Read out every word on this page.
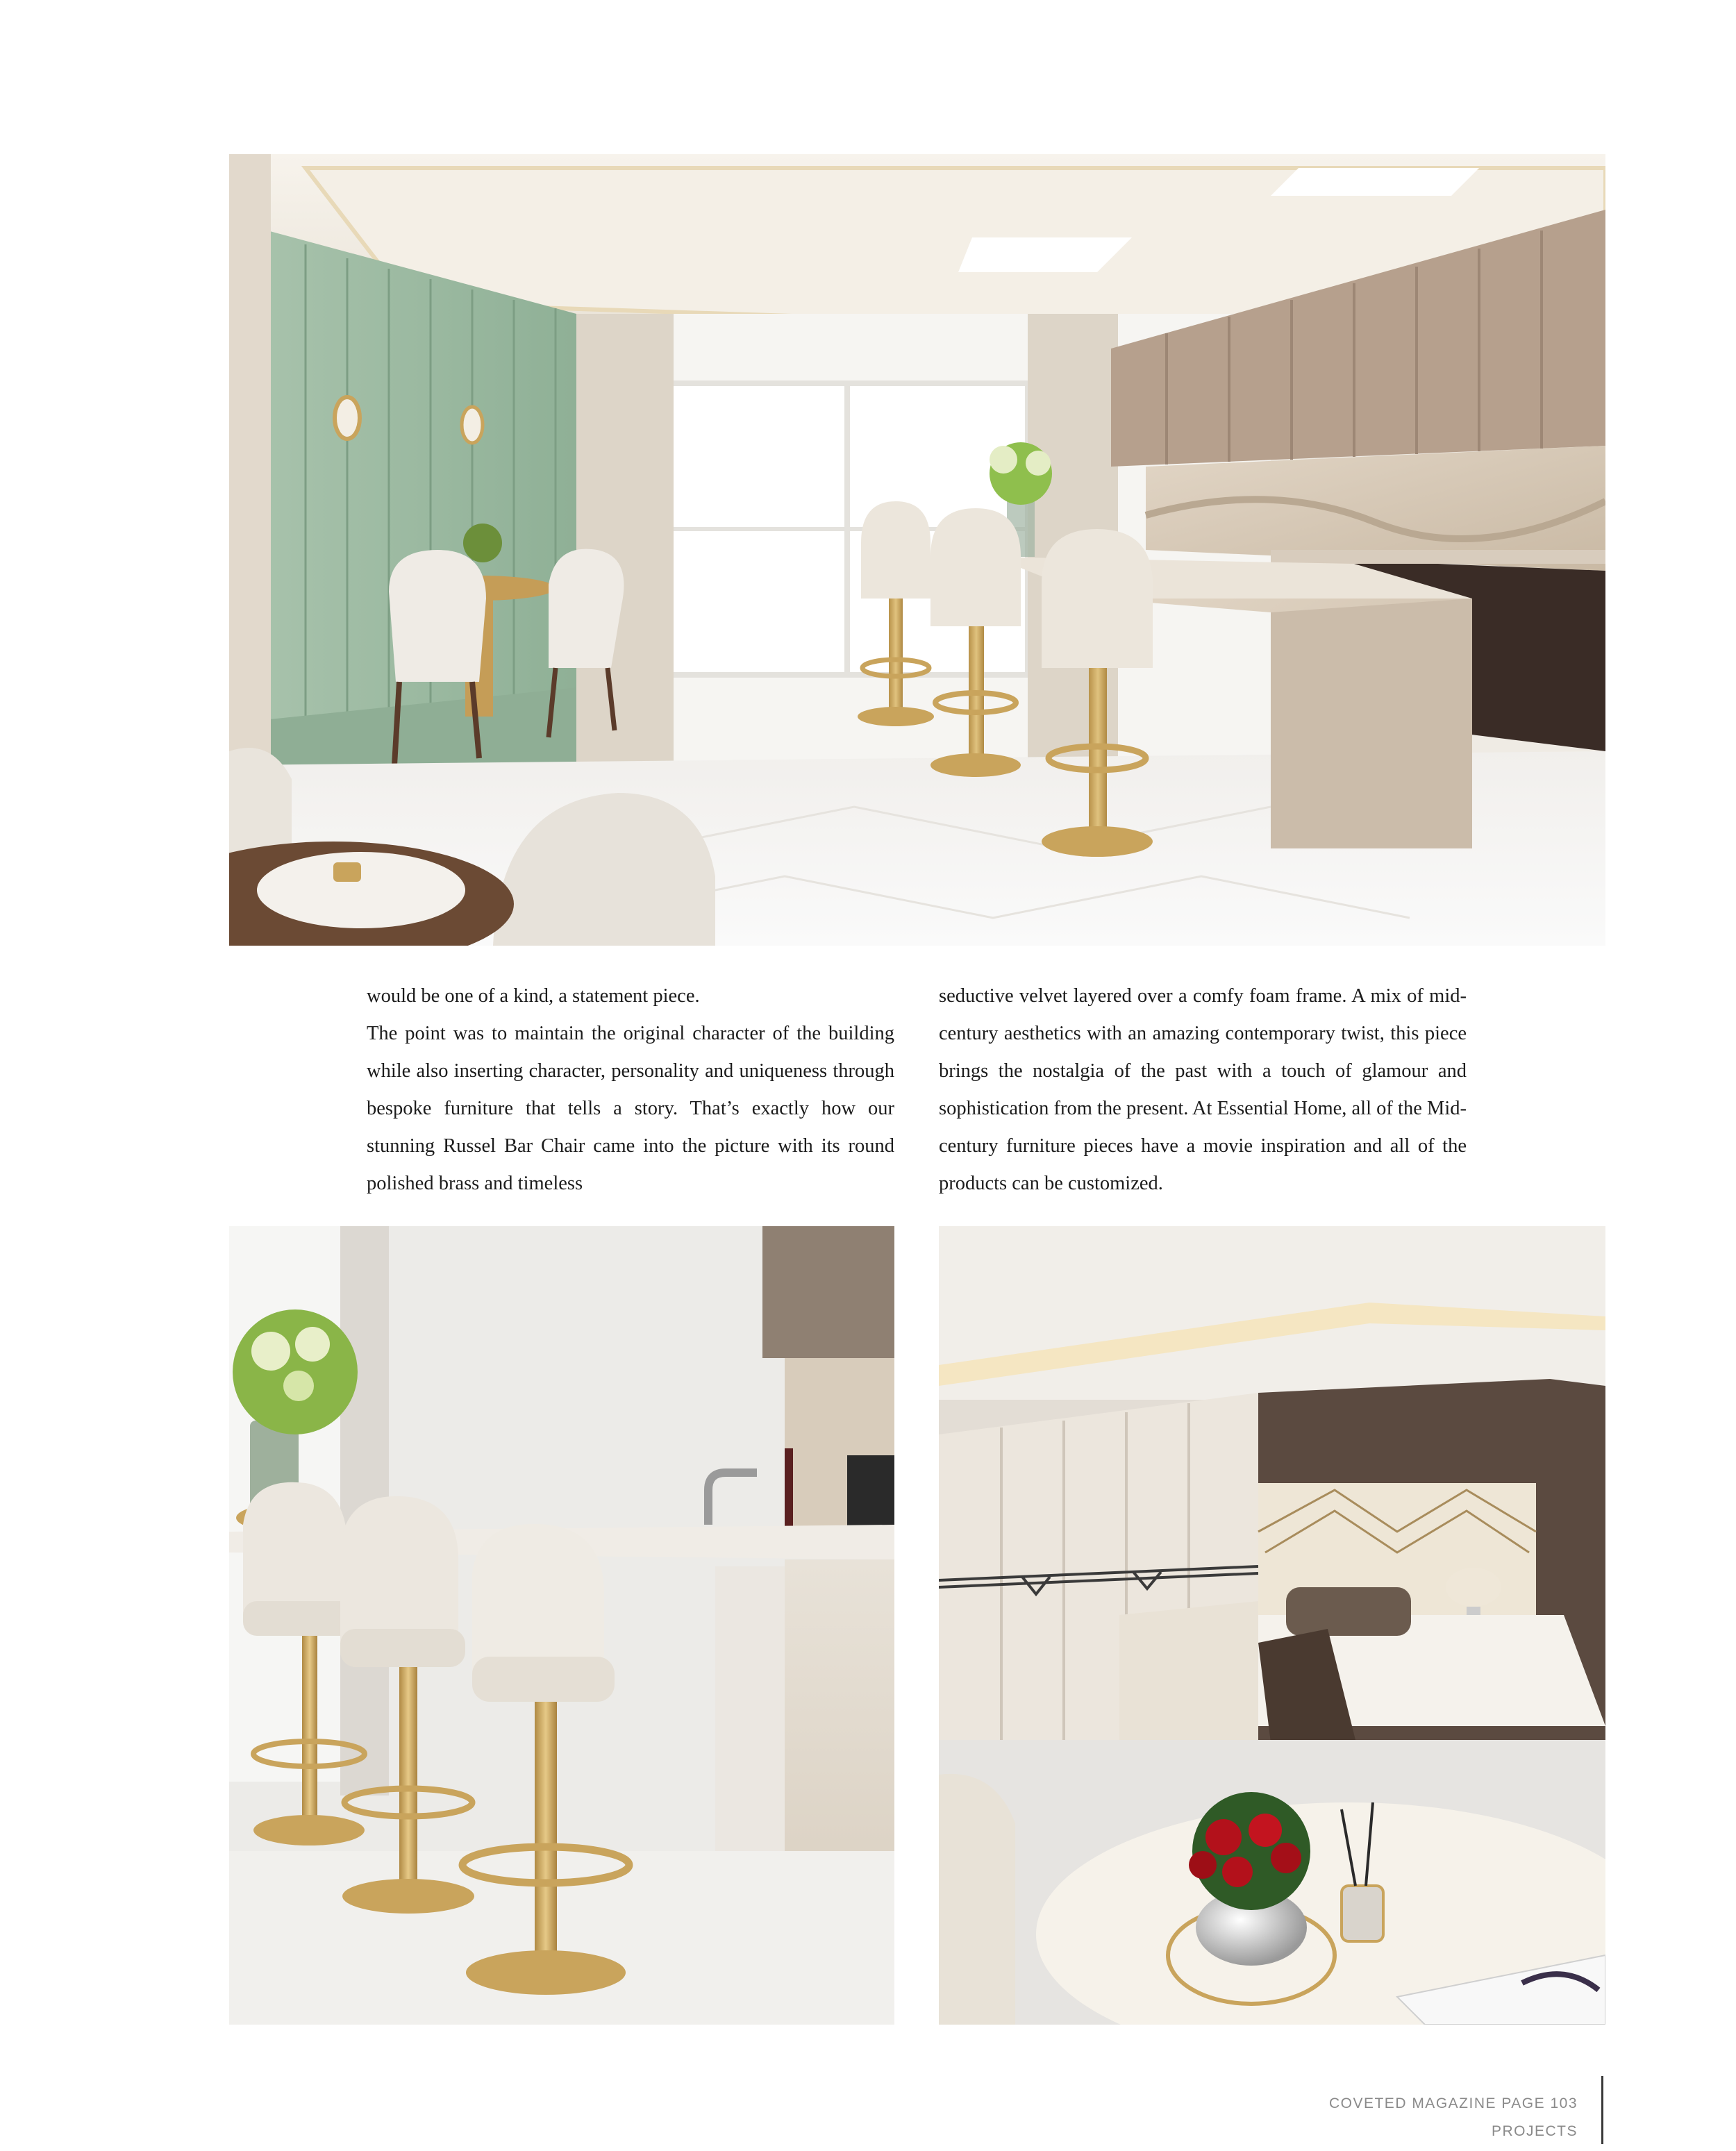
would be one of a kind, a statement piece.

The point was to maintain the original character of the building while also inserting character, personality and uniqueness through bespoke furniture that tells a story. That’s exactly how our stunning Russel Bar Chair came into the picture with its round polished brass and timeless

seductive velvet layered over a comfy foam frame. A mix of mid-century aesthetics with an amazing contemporary twist, this piece brings the nostalgia of the past with a touch of glamour and sophistication from the present. At Essential Home, all of the Mid-century furniture pieces have a movie inspiration and all of the products can be customized.

COVETED MAGAZINE PAGE 103
PROJECTS
